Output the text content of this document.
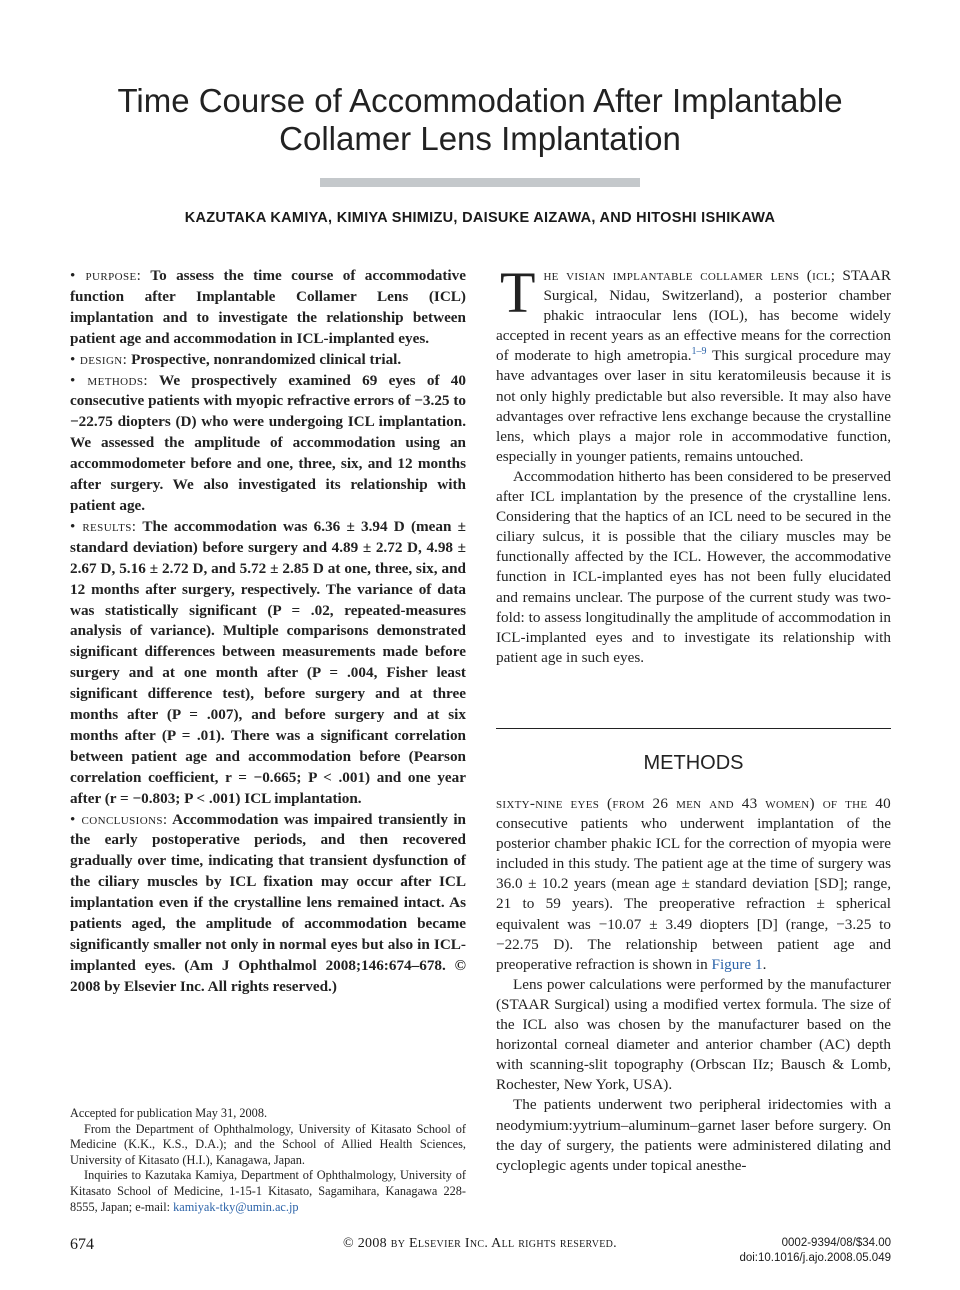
Time Course of Accommodation After Implantable Collamer Lens Implantation
KAZUTAKA KAMIYA, KIMIYA SHIMIZU, DAISUKE AIZAWA, AND HITOSHI ISHIKAWA

• purpose: To assess the time course of accommodative function after Implantable Collamer Lens (ICL) implantation and to investigate the relationship between patient age and accommodation in ICL-implanted eyes.

• design: Prospective, nonrandomized clinical trial.

• methods: We prospectively examined 69 eyes of 40 consecutive patients with myopic refractive errors of −3.25 to −22.75 diopters (D) who were undergoing ICL implantation. We assessed the amplitude of accommodation using an accommodometer before and one, three, six, and 12 months after surgery. We also investigated its relationship with patient age.

• results: The accommodation was 6.36 ± 3.94 D (mean ± standard deviation) before surgery and 4.89 ± 2.72 D, 4.98 ± 2.67 D, 5.16 ± 2.72 D, and 5.72 ± 2.85 D at one, three, six, and 12 months after surgery, respectively. The variance of data was statistically significant (P = .02, repeated-measures analysis of variance). Multiple comparisons demonstrated significant differences between measurements made before surgery and at one month after (P = .004, Fisher least significant difference test), before surgery and at three months after (P = .007), and before surgery and at six months after (P = .01). There was a significant correlation between patient age and accommodation before (Pearson correlation coefficient, r = −0.665; P < .001) and one year after (r = −0.803; P < .001) ICL implantation.

• conclusions: Accommodation was impaired transiently in the early postoperative periods, and then recovered gradually over time, indicating that transient dysfunction of the ciliary muscles by ICL fixation may occur after ICL implantation even if the crystalline lens remained intact. As patients aged, the amplitude of accommodation became significantly smaller not only in normal eyes but also in ICL-implanted eyes. (Am J Ophthalmol 2008;146:674–678. © 2008 by Elsevier Inc. All rights reserved.)

Accepted for publication May 31, 2008.

From the Department of Ophthalmology, University of Kitasato School of Medicine (K.K., K.S., D.A.); and the School of Allied Health Sciences, University of Kitasato (H.I.), Kanagawa, Japan.

Inquiries to Kazutaka Kamiya, Department of Ophthalmology, University of Kitasato School of Medicine, 1-15-1 Kitasato, Sagamihara, Kanagawa 228-8555, Japan; e-mail: kamiyak-tky@umin.ac.jp

The visian implantable collamer lens (icl; STAAR Surgical, Nidau, Switzerland), a posterior chamber phakic intraocular lens (IOL), has become widely accepted in recent years as an effective means for the correction of moderate to high ametropia.$^{1-9}$ This surgical procedure may have advantages over laser in situ keratomileusis because it is not only highly predictable but also reversible. It may also have advantages over refractive lens exchange because the crystalline lens, which plays a major role in accommodative function, especially in younger patients, remains untouched.

Accommodation hitherto has been considered to be preserved after ICL implantation by the presence of the crystalline lens. Considering that the haptics of an ICL need to be secured in the ciliary sulcus, it is possible that the ciliary muscles may be functionally affected by the ICL. However, the accommodative function in ICL-implanted eyes has not been fully elucidated and remains unclear. The purpose of the current study was two-fold: to assess longitudinally the amplitude of accommodation in ICL-implanted eyes and to investigate its relationship with patient age in such eyes.

METHODS

sixty-nine eyes (from 26 men and 43 women) of the 40 consecutive patients who underwent implantation of the posterior chamber phakic ICL for the correction of myopia were included in this study. The patient age at the time of surgery was 36.0 ± 10.2 years (mean age ± standard deviation [SD]; range, 21 to 59 years). The preoperative refraction ± spherical equivalent was −10.07 ± 3.49 diopters [D] (range, −3.25 to −22.75 D). The relationship between patient age and preoperative refraction is shown in Figure 1.

Lens power calculations were performed by the manufacturer (STAAR Surgical) using a modified vertex formula. The size of the ICL also was chosen by the manufacturer based on the horizontal corneal diameter and anterior chamber (AC) depth with scanning-slit topography (Orbscan IIz; Bausch & Lomb, Rochester, New York, USA).

The patients underwent two peripheral iridectomies with a neodymium:yytrium–aluminum–garnet laser before surgery. On the day of surgery, the patients were administered dilating and cycloplegic agents under topical anesthe-

674	© 2008 by Elsevier Inc. All rights reserved.	0002-9394/08/$34.00
doi:10.1016/j.ajo.2008.05.049
